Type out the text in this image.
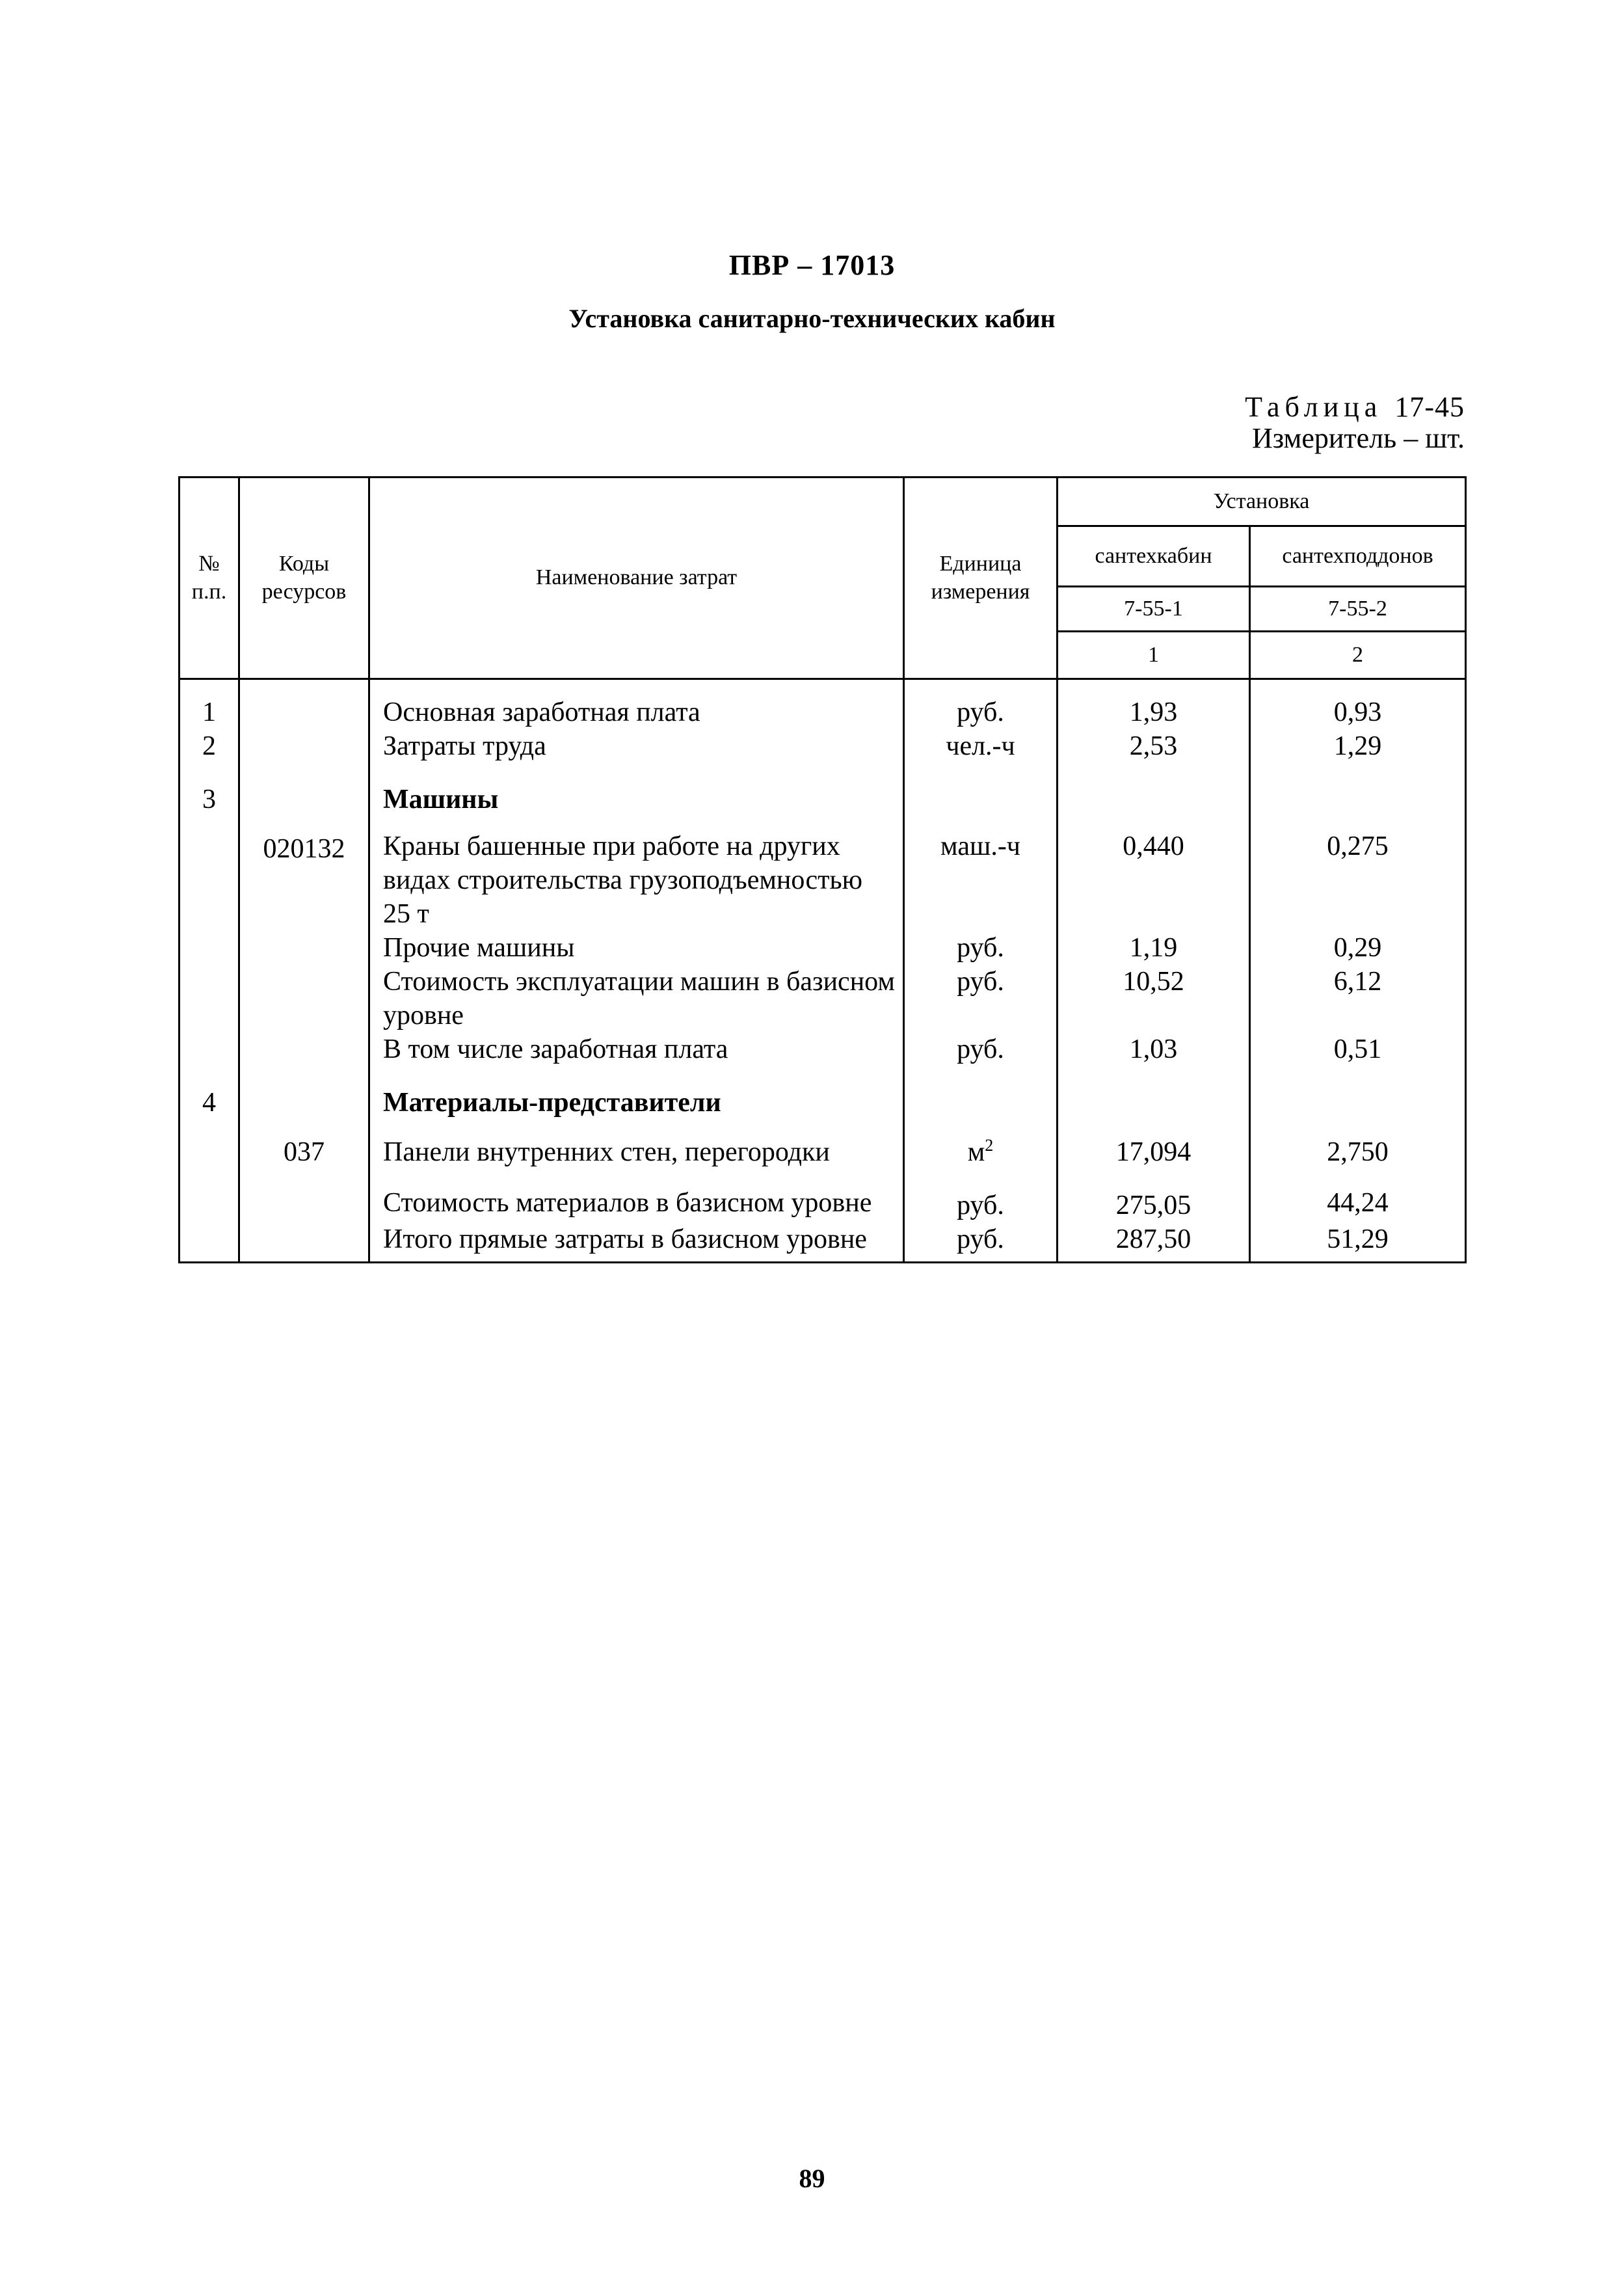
ПВР – 17013
Установка санитарно-технических кабин
Таблица 17-45
Измеритель – шт.
№ п.п.	Коды ресурсов	Наименование затрат	Единица измерения	Установка	
				сантехкабин	сантехподдонов
				7-55-1	7-55-2
				1	2
1		Основная заработная плата	руб.	1,93	0,93
2		Затраты труда	чел.-ч	2,53	1,29
3		Машины			
	020132	Краны башенные при работе на других видах строительства грузоподъемностью 25 т	маш.-ч	0,440	0,275
		Прочие машины	руб.	1,19	0,29
		Стоимость эксплуатации машин в базисном уровне	руб.	10,52	6,12
		В том числе заработная плата	руб.	1,03	0,51
4		Материалы-представители			
	037	Панели внутренних стен, перегородки	$м^2$	17,094	2,750
		Стоимость материалов в базисном уровне	руб.	275,05	44,24
		Итого прямые затраты в базисном уровне	руб.	287,50	51,29
89
